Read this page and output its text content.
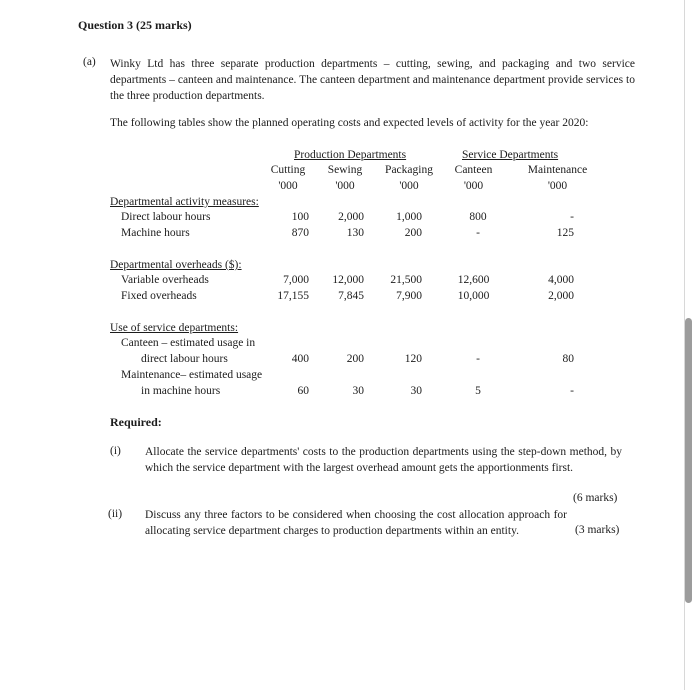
Question 3 (25 marks)
(a) Winky Ltd has three separate production departments – cutting, sewing, and packaging and two service departments – canteen and maintenance. The canteen department and maintenance department provide services to the three production departments.
The following tables show the planned operating costs and expected levels of activity for the year 2020:
Production Departments	Service Departments
Cutting	Sewing	Packaging	Canteen	Maintenance
'000	'000	'000	'000	'000
Departmental activity measures:
Direct labour hours	100	2,000	1,000	800	-
Machine hours	870	130	200	-	125
Departmental overheads ($):
Variable overheads	7,000	12,000	21,500	12,600	4,000
Fixed overheads	17,155	7,845	7,900	10,000	2,000
Use of service departments:
Canteen – estimated usage in
direct labour hours	400	200	120	-	80
Maintenance– estimated usage
in machine hours	60	30	30	5	-
Required:
(i) Allocate the service departments' costs to the production departments using the step-down method, by which the service department with the largest overhead amount gets the apportionments first.
(6 marks)
(ii) Discuss any three factors to be considered when choosing the cost allocation approach for allocating service department charges to production departments within an entity.	(3 marks)
